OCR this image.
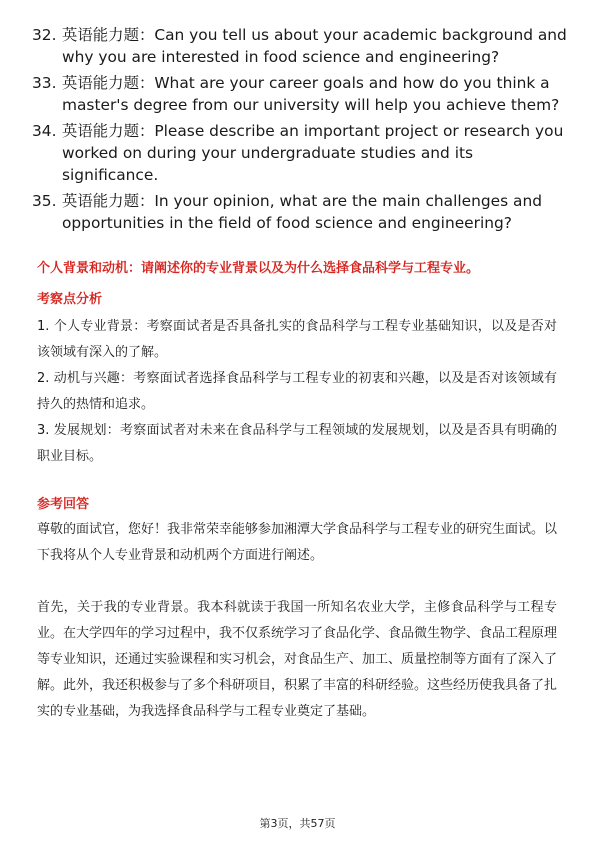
32. 英语能力题：Can you tell us about your academic background and why you are interested in food science and engineering?
33. 英语能力题：What are your career goals and how do you think a master's degree from our university will help you achieve them?
34. 英语能力题：Please describe an important project or research you worked on during your undergraduate studies and its significance.
35. 英语能力题：In your opinion, what are the main challenges and opportunities in the field of food science and engineering?
个人背景和动机：请阐述你的专业背景以及为什么选择食品科学与工程专业。
考察点分析
1. 个人专业背景：考察面试者是否具备扎实的食品科学与工程专业基础知识，以及是否对该领域有深入的了解。
2. 动机与兴趣：考察面试者选择食品科学与工程专业的初衷和兴趣，以及是否对该领域有持久的热情和追求。
3. 发展规划：考察面试者对未来在食品科学与工程领域的发展规划，以及是否具有明确的职业目标。
参考回答
尊敬的面试官，您好！我非常荣幸能够参加湘潭大学食品科学与工程专业的研究生面试。以下我将从个人专业背景和动机两个方面进行阐述。
首先，关于我的专业背景。我本科就读于我国一所知名农业大学，主修食品科学与工程专业。在大学四年的学习过程中，我不仅系统学习了食品化学、食品微生物学、食品工程原理等专业知识，还通过实验课程和实习机会，对食品生产、加工、质量控制等方面有了深入了解。此外，我还积极参与了多个科研项目，积累了丰富的科研经验。这些经历使我具备了扎实的专业基础，为我选择食品科学与工程专业奠定了基础。
第3页，共57页
